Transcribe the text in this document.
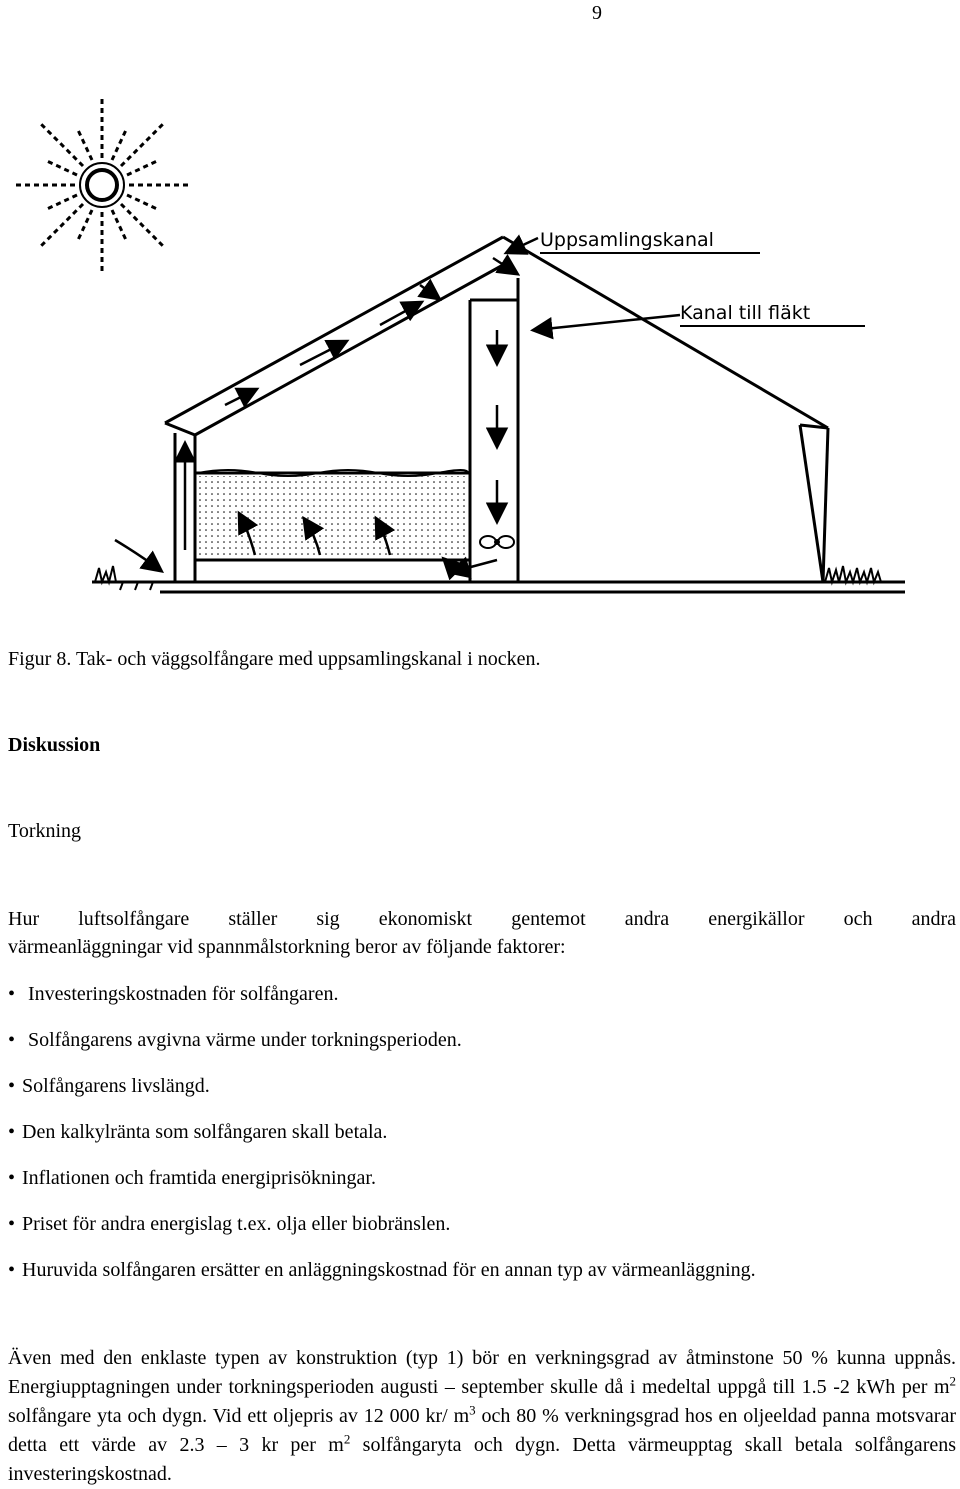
9
Uppsamlingskanal
Kanal till fläkt
Figur 8. Tak- och väggsolfångare med uppsamlingskanal i nocken.
Diskussion
Torkning
Hur luftsolfångare ställer sig ekonomiskt gentemot andra energikällor och andra
värmeanläggningar vid spannmålstorkning beror av följande faktorer:
•
Investeringskostnaden för solfångaren.
•
Solfångarens avgivna värme under torkningsperioden.
•
Solfångarens livslängd.
•
Den kalkylränta som solfångaren skall betala.
•
Inflationen och framtida energiprisökningar.
•
Priset för andra energislag t.ex. olja eller biobränslen.
•
Huruvida solfångaren ersätter en anläggningskostnad för en annan typ av värmeanläggning.
Även med den enklaste typen av konstruktion (typ 1) bör en verkningsgrad av åtminstone 50 % kunna uppnås. Energiupptagningen under torkningsperioden augusti – september skulle då i medeltal uppgå till 1.5 -2 kWh per $m^2$ solfångare yta och dygn. Vid ett oljepris av 12 000 kr/ $m^3$ och 80 % verkningsgrad hos en oljeeldad panna motsvarar detta ett värde av 2.3 – 3 kr per $m^2$ solfångaryta och dygn. Detta värmeupptag skall betala solfångarens investeringskostnad.
